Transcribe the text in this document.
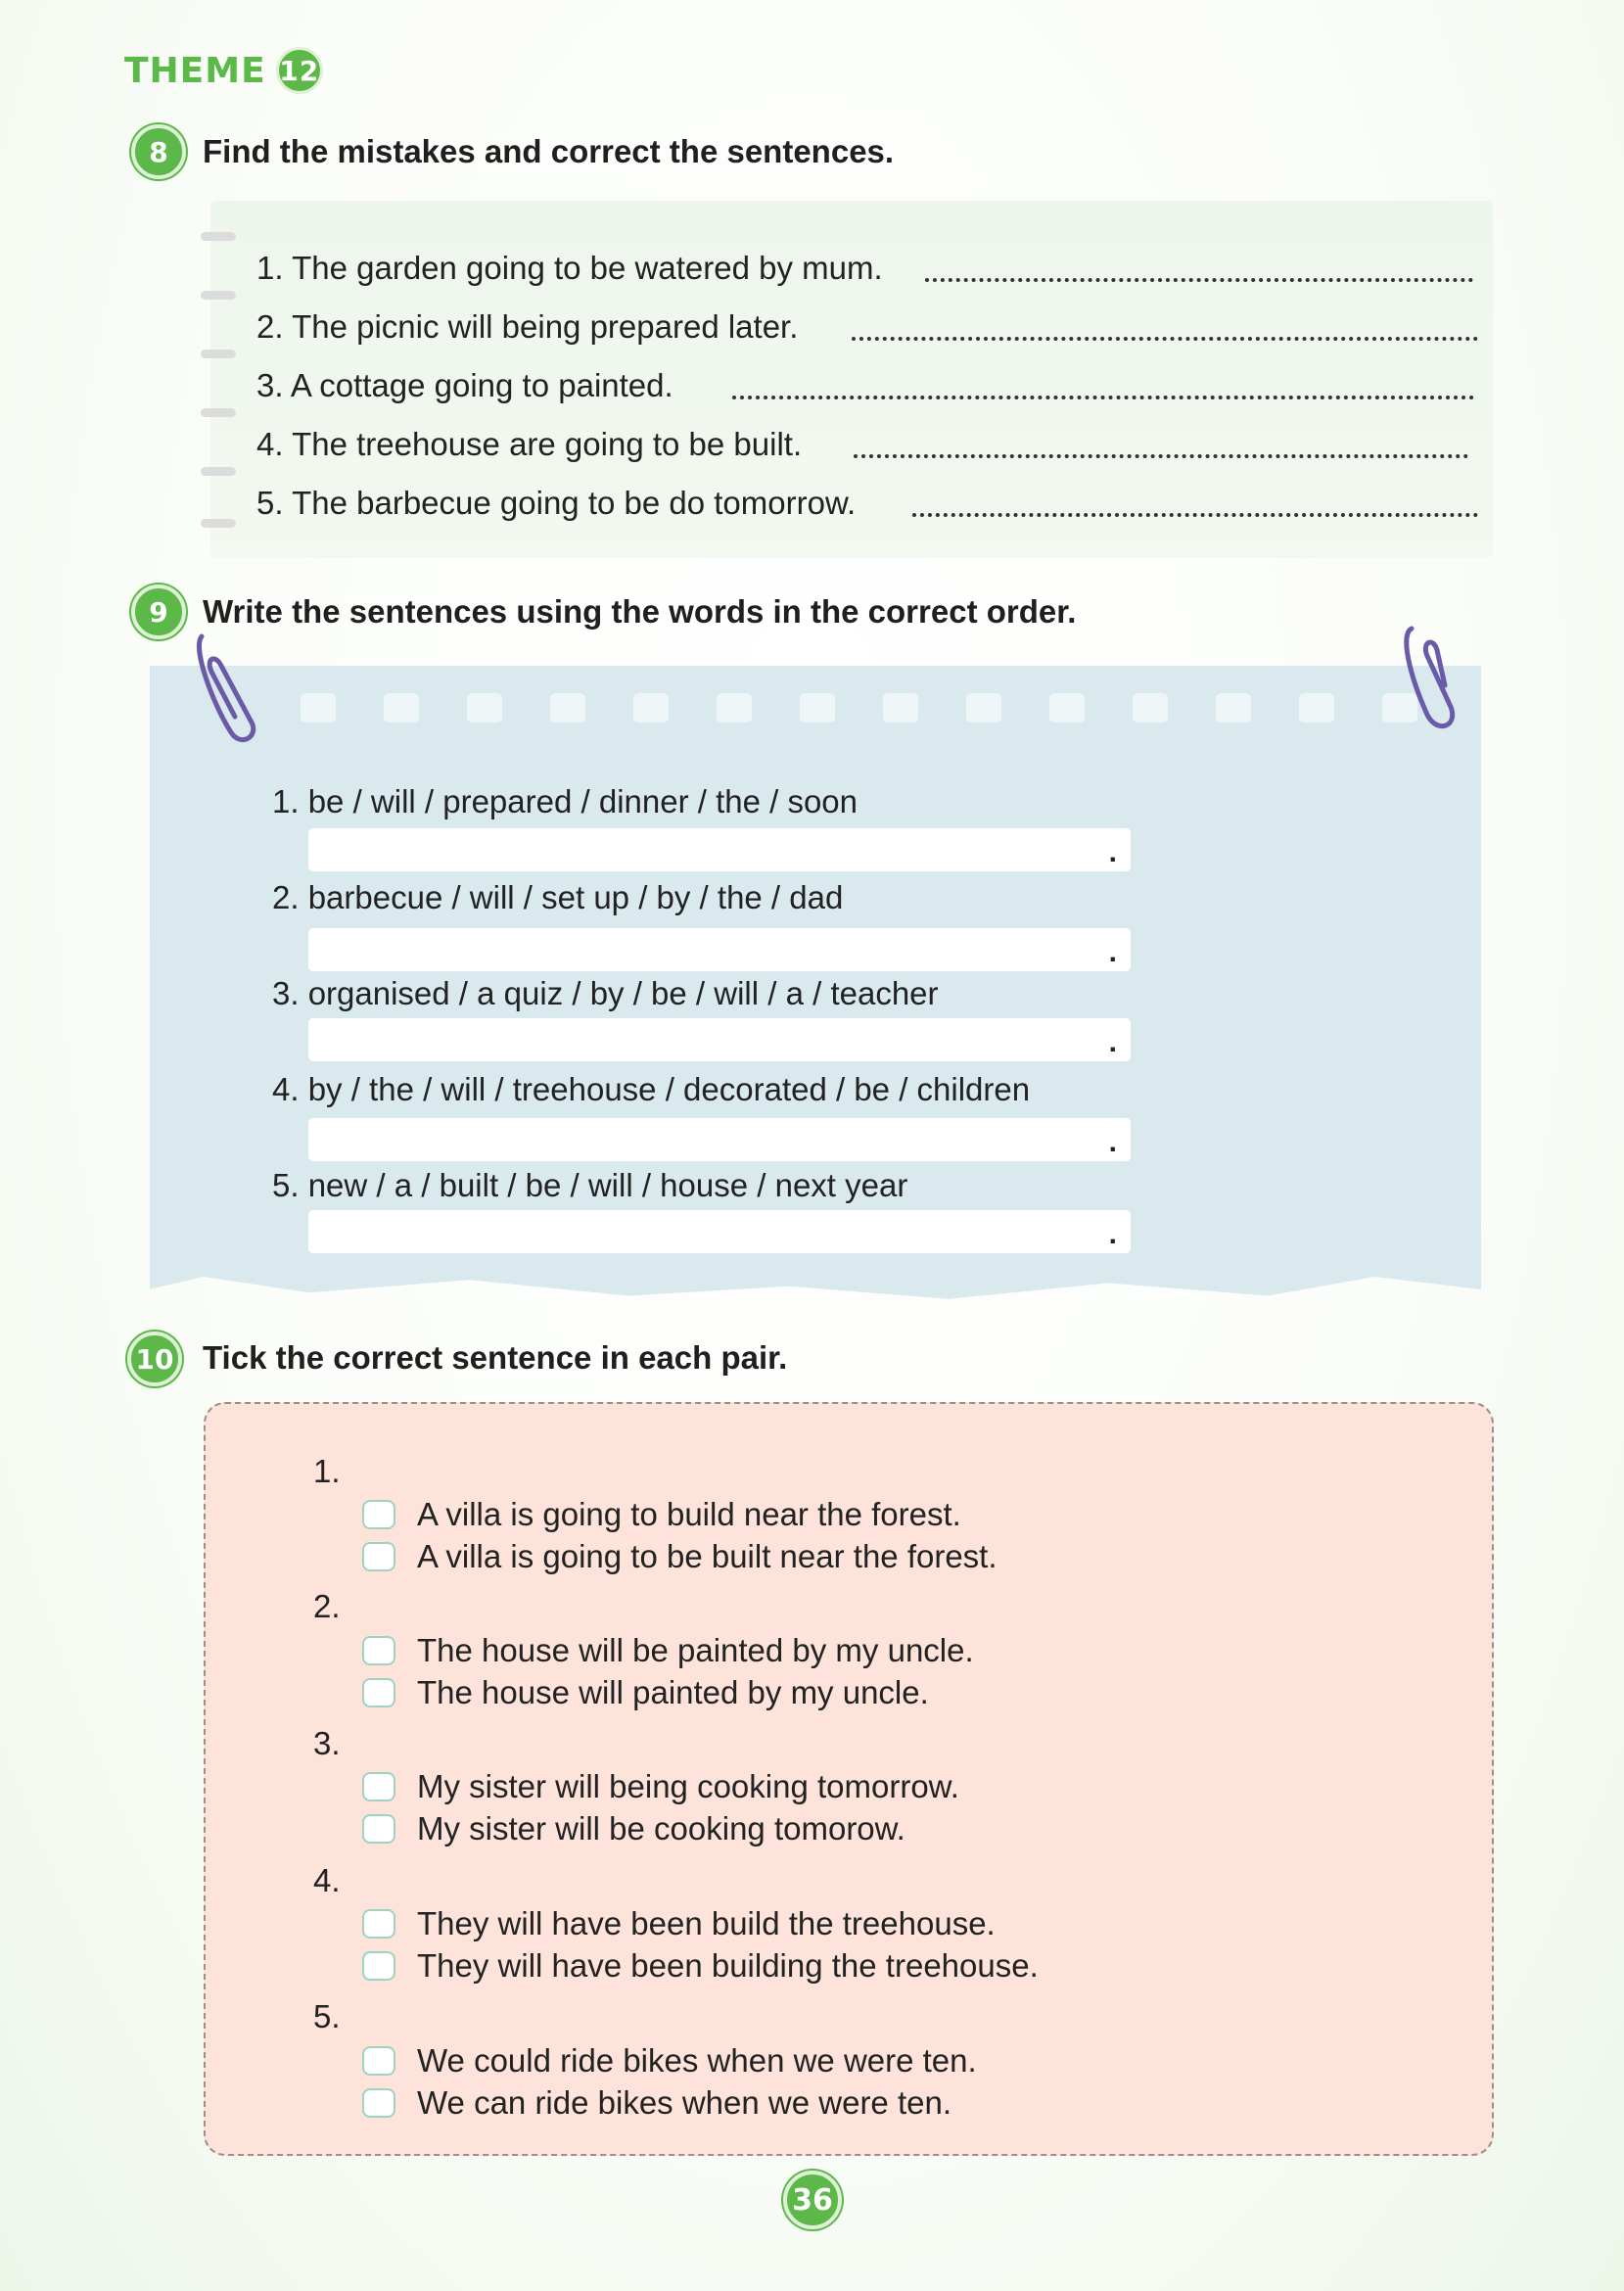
THEME 12
8	Find the mistakes and correct the sentences.
1. The garden going to be watered by mum.
2. The picnic will being prepared later.
3. A cottage going to painted.
4. The treehouse are going to be built.
5. The barbecue going to be do tomorrow.
9	Write the sentences using the words in the correct order.
1. be / will / prepared / dinner / the / soon
.
2. barbecue / will / set up / by / the / dad
.
3. organised / a quiz / by / be / will / a / teacher
.
4. by / the / will / treehouse / decorated / be / children
.
5. new / a / built / be / will / house / next year
.
10 Tick the correct sentence in each pair.
1.
A villa is going to build near the forest.
A villa is going to be built near the forest.
2.
The house will be painted by my uncle.
The house will painted by my uncle.
3.
My sister will being cooking tomorrow.
My sister will be cooking tomorow.
4.
They will have been build the treehouse.
They will have been building the treehouse.
5.
We could ride bikes when we were ten.
We can ride bikes when we were ten.
36
